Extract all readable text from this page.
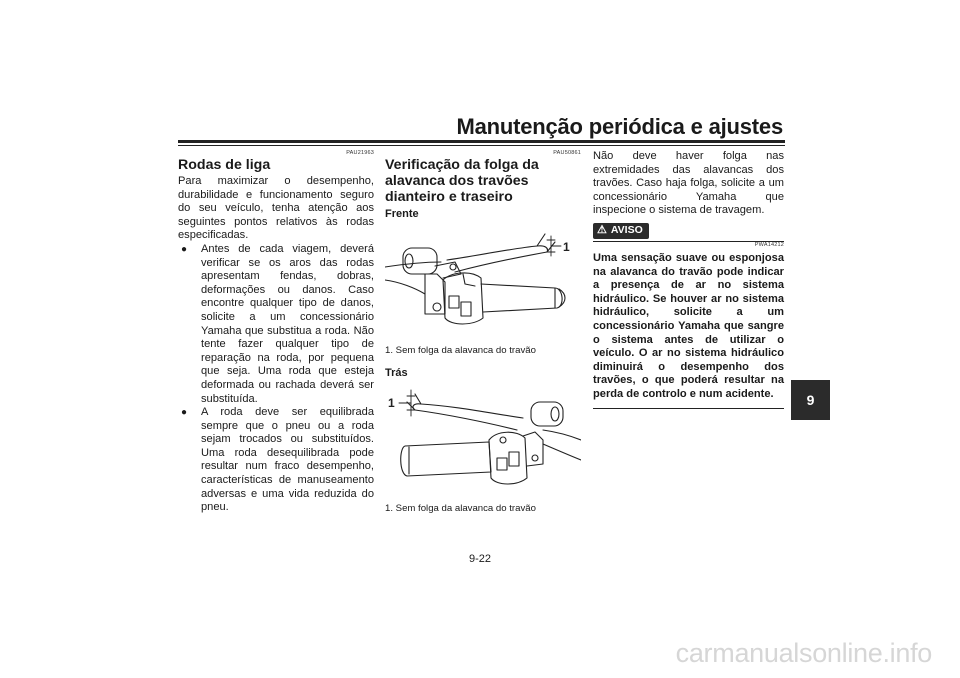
Manutenção periódica e ajustes
9
PAU21963
Rodas de liga

Para maximizar o desempenho, durabilidade e funcionamento seguro do seu veículo, tenha atenção aos seguintes pontos relativos às rodas especificadas.

● Antes de cada viagem, deverá verificar se os aros das rodas apresentam fendas, dobras, deformações ou danos. Caso encontre qualquer tipo de danos, solicite a um concessionário Yamaha que substitua a roda. Não tente fazer qualquer tipo de reparação na roda, por pequena que seja. Uma roda que esteja deformada ou rachada deverá ser substituída.
● A roda deve ser equilibrada sempre que o pneu ou a roda sejam trocados ou substituídos. Uma roda desequilibrada pode resultar num fraco desempenho, características de manuseamento adversas e uma vida reduzida do pneu.
PAU50861
Verificação da folga da alavanca dos travões dianteiro e traseiro
Frente
1
1. Sem folga da alavanca do travão
Trás
1
1. Sem folga da alavanca do travão

Não deve haver folga nas extremidades das alavancas dos travões. Caso haja folga, solicite a um concessionário Yamaha que inspecione o sistema de travagem.

⚠ AVISO
PWA14212
Uma sensação suave ou esponjosa na alavanca do travão pode indicar a presença de ar no sistema hidráulico. Se houver ar no sistema hidráulico, solicite a um concessionário Yamaha que sangre o sistema antes de utilizar o veículo. O ar no sistema hidráulico diminuirá o desempenho dos travões, o que poderá resultar na perda de controlo e num acidente.
9-22
carmanualsonline.info
